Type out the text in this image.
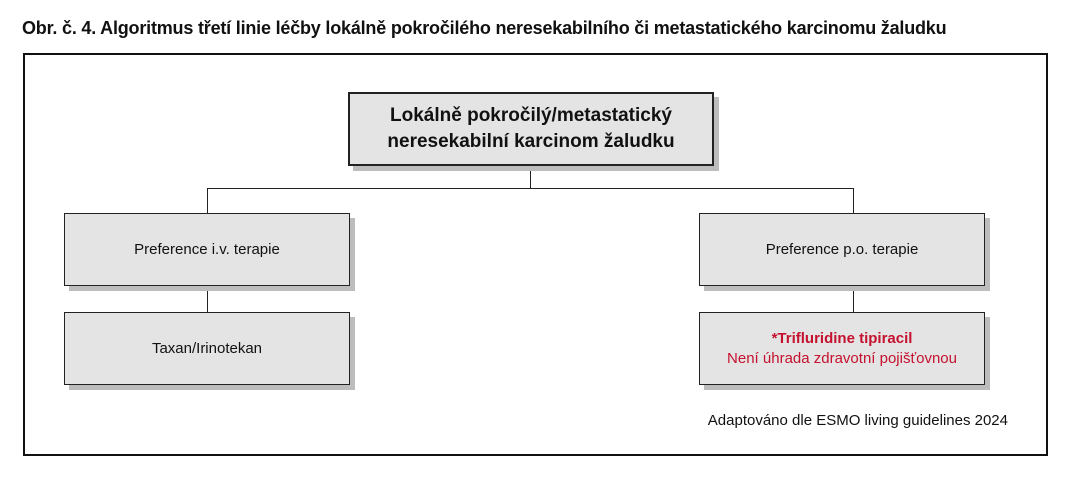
Obr. č. 4. Algoritmus třetí linie léčby lokálně pokročilého neresekabilního či metastatického karcinomu žaludku
Lokálně pokročilý/metastatický
neresekabilní karcinom žaludku
Preference i.v. terapie	Preference p.o. terapie
Taxan/Irinotekan
*Trifluridine tipiracil
Není úhrada zdravotní pojišťovnou
Adaptováno dle ESMO living guidelines 2024
